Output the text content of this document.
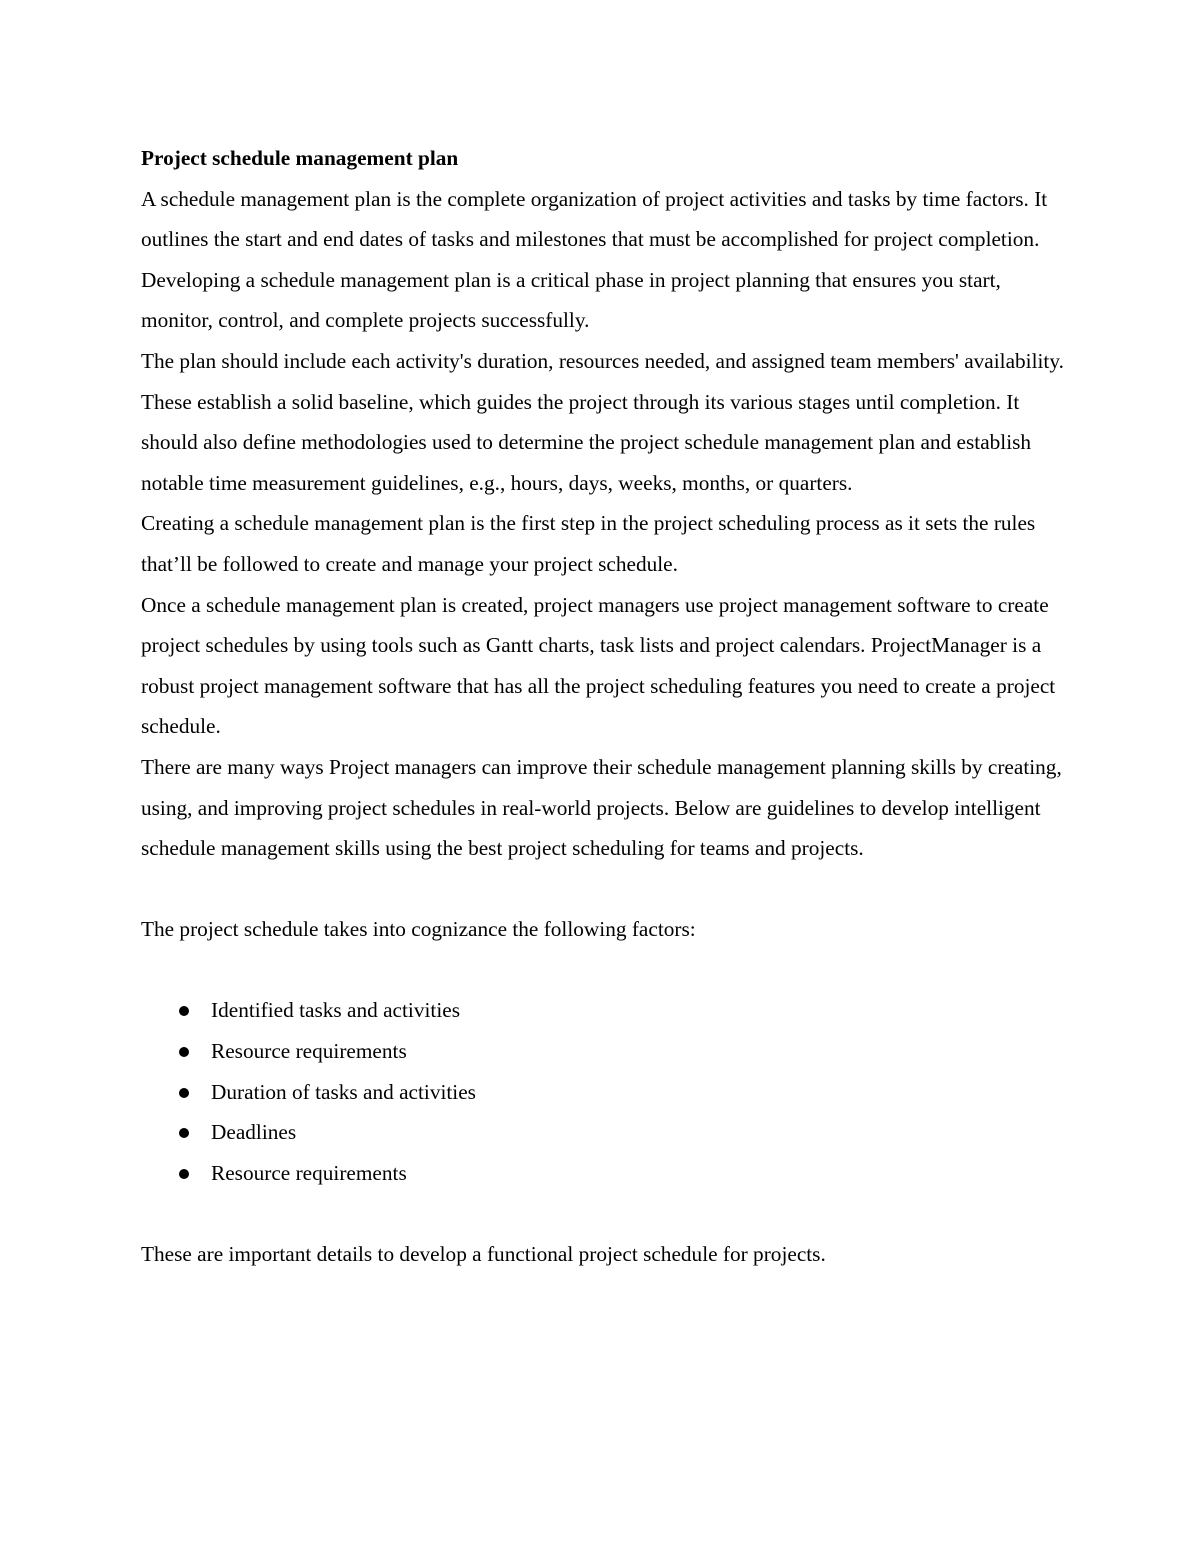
Project schedule management plan

A schedule management plan is the complete organization of project activities and tasks by time factors. It outlines the start and end dates of tasks and milestones that must be accomplished for project completion. Developing a schedule management plan is a critical phase in project planning that ensures you start, monitor, control, and complete projects successfully.

The plan should include each activity's duration, resources needed, and assigned team members' availability. These establish a solid baseline, which guides the project through its various stages until completion. It should also define methodologies used to determine the project schedule management plan and establish notable time measurement guidelines, e.g., hours, days, weeks, months, or quarters.

Creating a schedule management plan is the first step in the project scheduling process as it sets the rules that’ll be followed to create and manage your project schedule.

Once a schedule management plan is created, project managers use project management software to create project schedules by using tools such as Gantt charts, task lists and project calendars. ProjectManager is a robust project management software that has all the project scheduling features you need to create a project schedule.

There are many ways Project managers can improve their schedule management planning skills by creating, using, and improving project schedules in real-world projects. Below are guidelines to develop intelligent schedule management skills using the best project scheduling for teams and projects.

The project schedule takes into cognizance the following factors:

Identified tasks and activities
Resource requirements
Duration of tasks and activities
Deadlines
Resource requirements

These are important details to develop a functional project schedule for projects.
